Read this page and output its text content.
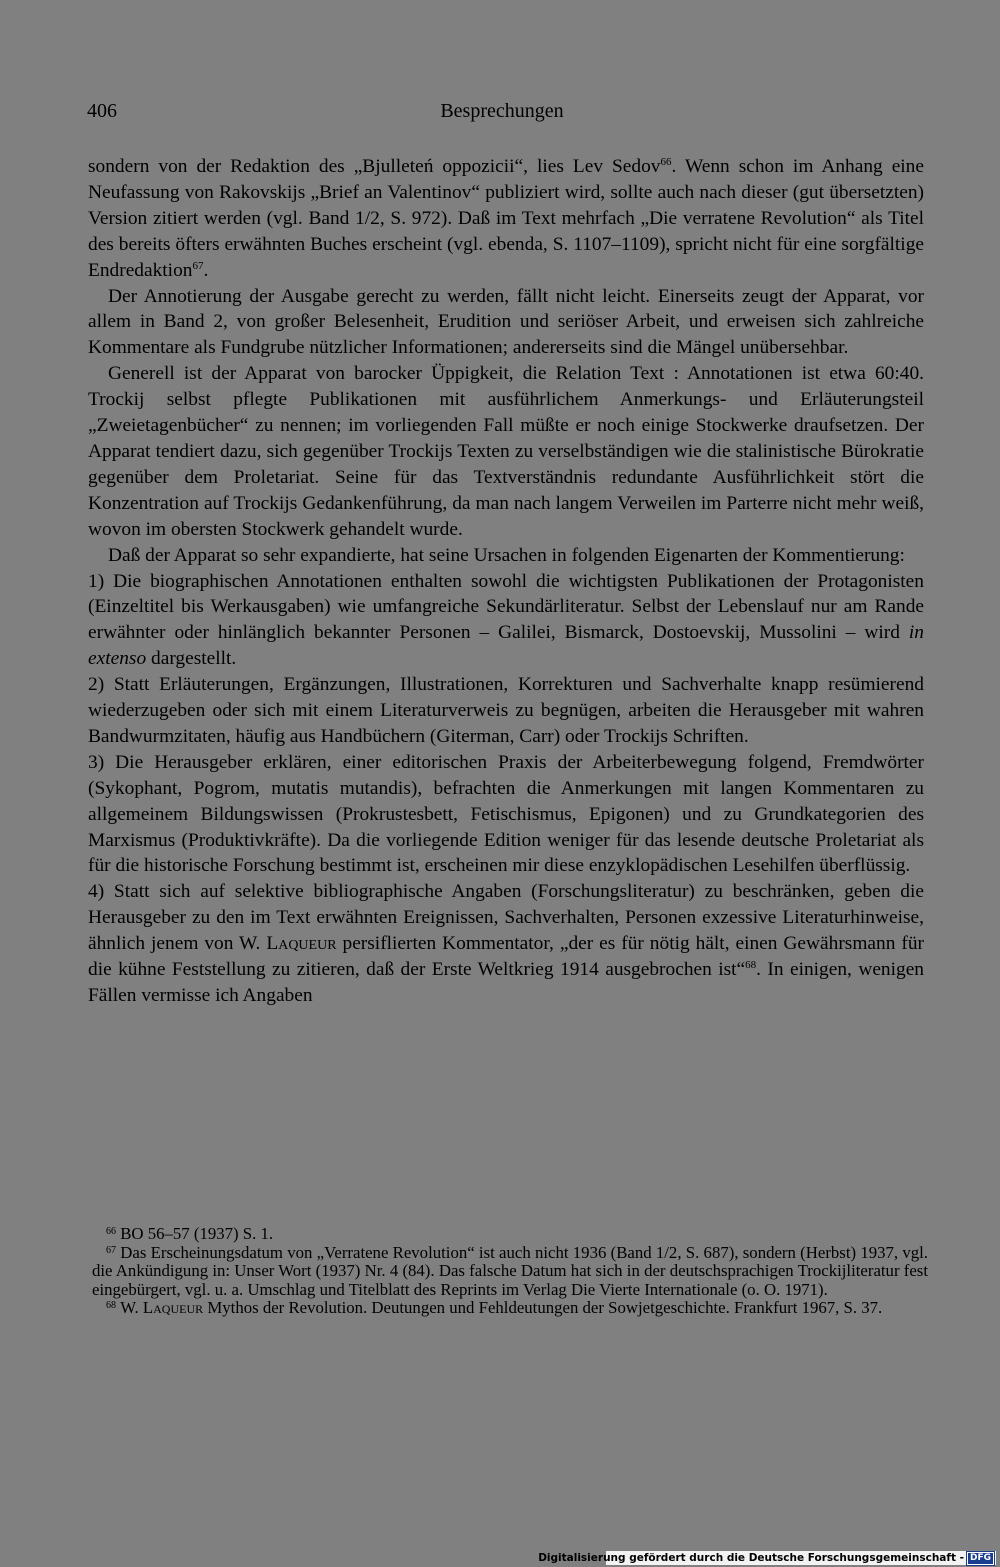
406	Besprechungen

sondern von der Redaktion des „Bjulleteń oppozicii“, lies Lev Sedov$^{66}$. Wenn schon im Anhang eine Neufassung von Rakovskijs „Brief an Valentinov“ publiziert wird, sollte auch nach dieser (gut übersetzten) Version zitiert werden (vgl. Band 1/2, S. 972). Daß im Text mehrfach „Die verratene Revolution“ als Titel des bereits öfters erwähnten Buches erscheint (vgl. ebenda, S. 1107–1109), spricht nicht für eine sorgfältige Endredaktion$^{67}$.

Der Annotierung der Ausgabe gerecht zu werden, fällt nicht leicht. Einerseits zeugt der Apparat, vor allem in Band 2, von großer Belesenheit, Erudition und seriöser Arbeit, und erweisen sich zahlreiche Kommentare als Fundgrube nützlicher Informationen; andererseits sind die Mängel unübersehbar.

Generell ist der Apparat von barocker Üppigkeit, die Relation Text : Annotationen ist etwa 60:40. Trockij selbst pflegte Publikationen mit ausführlichem Anmerkungs- und Erläuterungsteil „Zweietagenbücher“ zu nennen; im vorliegenden Fall müßte er noch einige Stockwerke draufsetzen. Der Apparat tendiert dazu, sich gegenüber Trockijs Texten zu verselbständigen wie die stalinistische Bürokratie gegenüber dem Proletariat. Seine für das Textverständnis redundante Ausführlichkeit stört die Konzentration auf Trockijs Gedankenführung, da man nach langem Verweilen im Parterre nicht mehr weiß, wovon im obersten Stockwerk gehandelt wurde.

Daß der Apparat so sehr expandierte, hat seine Ursachen in folgenden Eigenarten der Kommentierung:

1) Die biographischen Annotationen enthalten sowohl die wichtigsten Publikationen der Protagonisten (Einzeltitel bis Werkausgaben) wie umfangreiche Sekundärliteratur. Selbst der Lebenslauf nur am Rande erwähnter oder hinlänglich bekannter Personen – Galilei, Bismarck, Dostoevskij, Mussolini – wird in extenso dargestellt.

2) Statt Erläuterungen, Ergänzungen, Illustrationen, Korrekturen und Sachverhalte knapp resümierend wiederzugeben oder sich mit einem Literaturverweis zu begnügen, arbeiten die Herausgeber mit wahren Bandwurmzitaten, häufig aus Handbüchern (Giterman, Carr) oder Trockijs Schriften.

3) Die Herausgeber erklären, einer editorischen Praxis der Arbeiterbewegung folgend, Fremdwörter (Sykophant, Pogrom, mutatis mutandis), befrachten die Anmerkungen mit langen Kommentaren zu allgemeinem Bildungswissen (Prokrustesbett, Fetischismus, Epigonen) und zu Grundkategorien des Marxismus (Produktivkräfte). Da die vorliegende Edition weniger für das lesende deutsche Proletariat als für die historische Forschung bestimmt ist, erscheinen mir diese enzyklopädischen Lesehilfen überflüssig.

4) Statt sich auf selektive bibliographische Angaben (Forschungsliteratur) zu beschränken, geben die Herausgeber zu den im Text erwähnten Ereignissen, Sachverhalten, Personen exzessive Literaturhinweise, ähnlich jenem von W. Laqueur persiflierten Kommentator, „der es für nötig hält, einen Gewährsmann für die kühne Feststellung zu zitieren, daß der Erste Weltkrieg 1914 ausgebrochen ist“$^{68}$. In einigen, wenigen Fällen vermisse ich Angaben

$^{66}$ BO 56–57 (1937) S. 1.

$^{67}$ Das Erscheinungsdatum von „Verratene Revolution“ ist auch nicht 1936 (Band 1/2, S. 687), sondern (Herbst) 1937, vgl. die Ankündigung in: Unser Wort (1937) Nr. 4 (84). Das falsche Datum hat sich in der deutschsprachigen Trockijliteratur fest eingebürgert, vgl. u. a. Umschlag und Titelblatt des Reprints im Verlag Die Vierte Internationale (o. O. 1971).

$^{68}$ W. Laqueur Mythos der Revolution. Deutungen und Fehldeutungen der Sowjetgeschichte. Frankfurt 1967, S. 37.

Digitalisierung gefördert durch die Deutsche Forschungsgemeinschaft - DFG
